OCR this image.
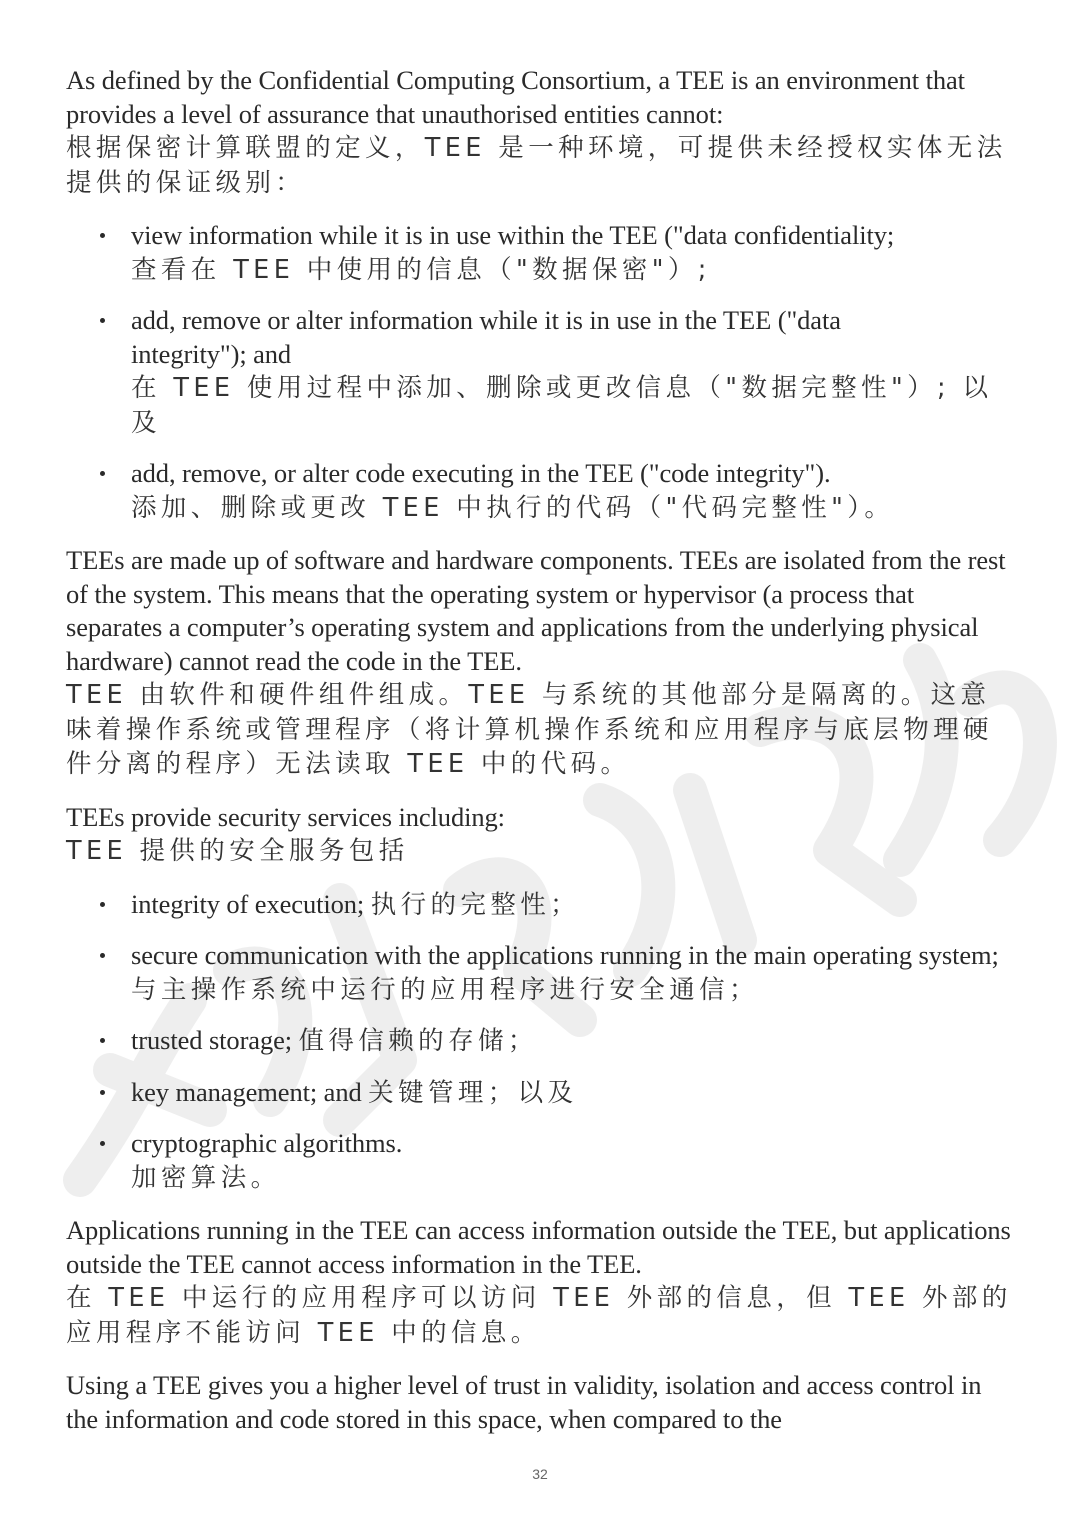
As defined by the Confidential Computing Consortium, a TEE is an environment that provides a level of assurance that unauthorised entities cannot:

根据保密计算联盟的定义，TEE 是一种环境，可提供未经授权实体无法提供的保证级别：

view information while it is in use within the TEE ("data confidentiality;

查看在 TEE 中使用的信息（"数据保密"）;

add, remove or alter information while it is in use in the TEE ("data integrity"); and

在 TEE 使用过程中添加、删除或更改信息（"数据完整性"）; 以及

add, remove, or alter code executing in the TEE ("code integrity").

添加、删除或更改 TEE 中执行的代码（"代码完整性"）。

TEEs are made up of software and hardware components. TEEs are isolated from the rest of the system. This means that the operating system or hypervisor (a process that separates a computer’s operating system and applications from the underlying physical hardware) cannot read the code in the TEE.

TEE 由软件和硬件组件组成。TEE 与系统的其他部分是隔离的。这意味着操作系统或管理程序（将计算机操作系统和应用程序与底层物理硬件分离的程序）无法读取 TEE 中的代码。

TEEs provide security services including:

TEE 提供的安全服务包括

integrity of execution; 执行的完整性；

secure communication with the applications running in the main operating system;

与主操作系统中运行的应用程序进行安全通信；

trusted storage; 值得信赖的存储；

key management; and 关键管理；以及

cryptographic algorithms.

加密算法。

Applications running in the TEE can access information outside the TEE, but applications outside the TEE cannot access information in the TEE.

在 TEE 中运行的应用程序可以访问 TEE 外部的信息，但 TEE 外部的应用程序不能访问 TEE 中的信息。

Using a TEE gives you a higher level of trust in validity, isolation and access control in the information and code stored in this space, when compared to the

32
